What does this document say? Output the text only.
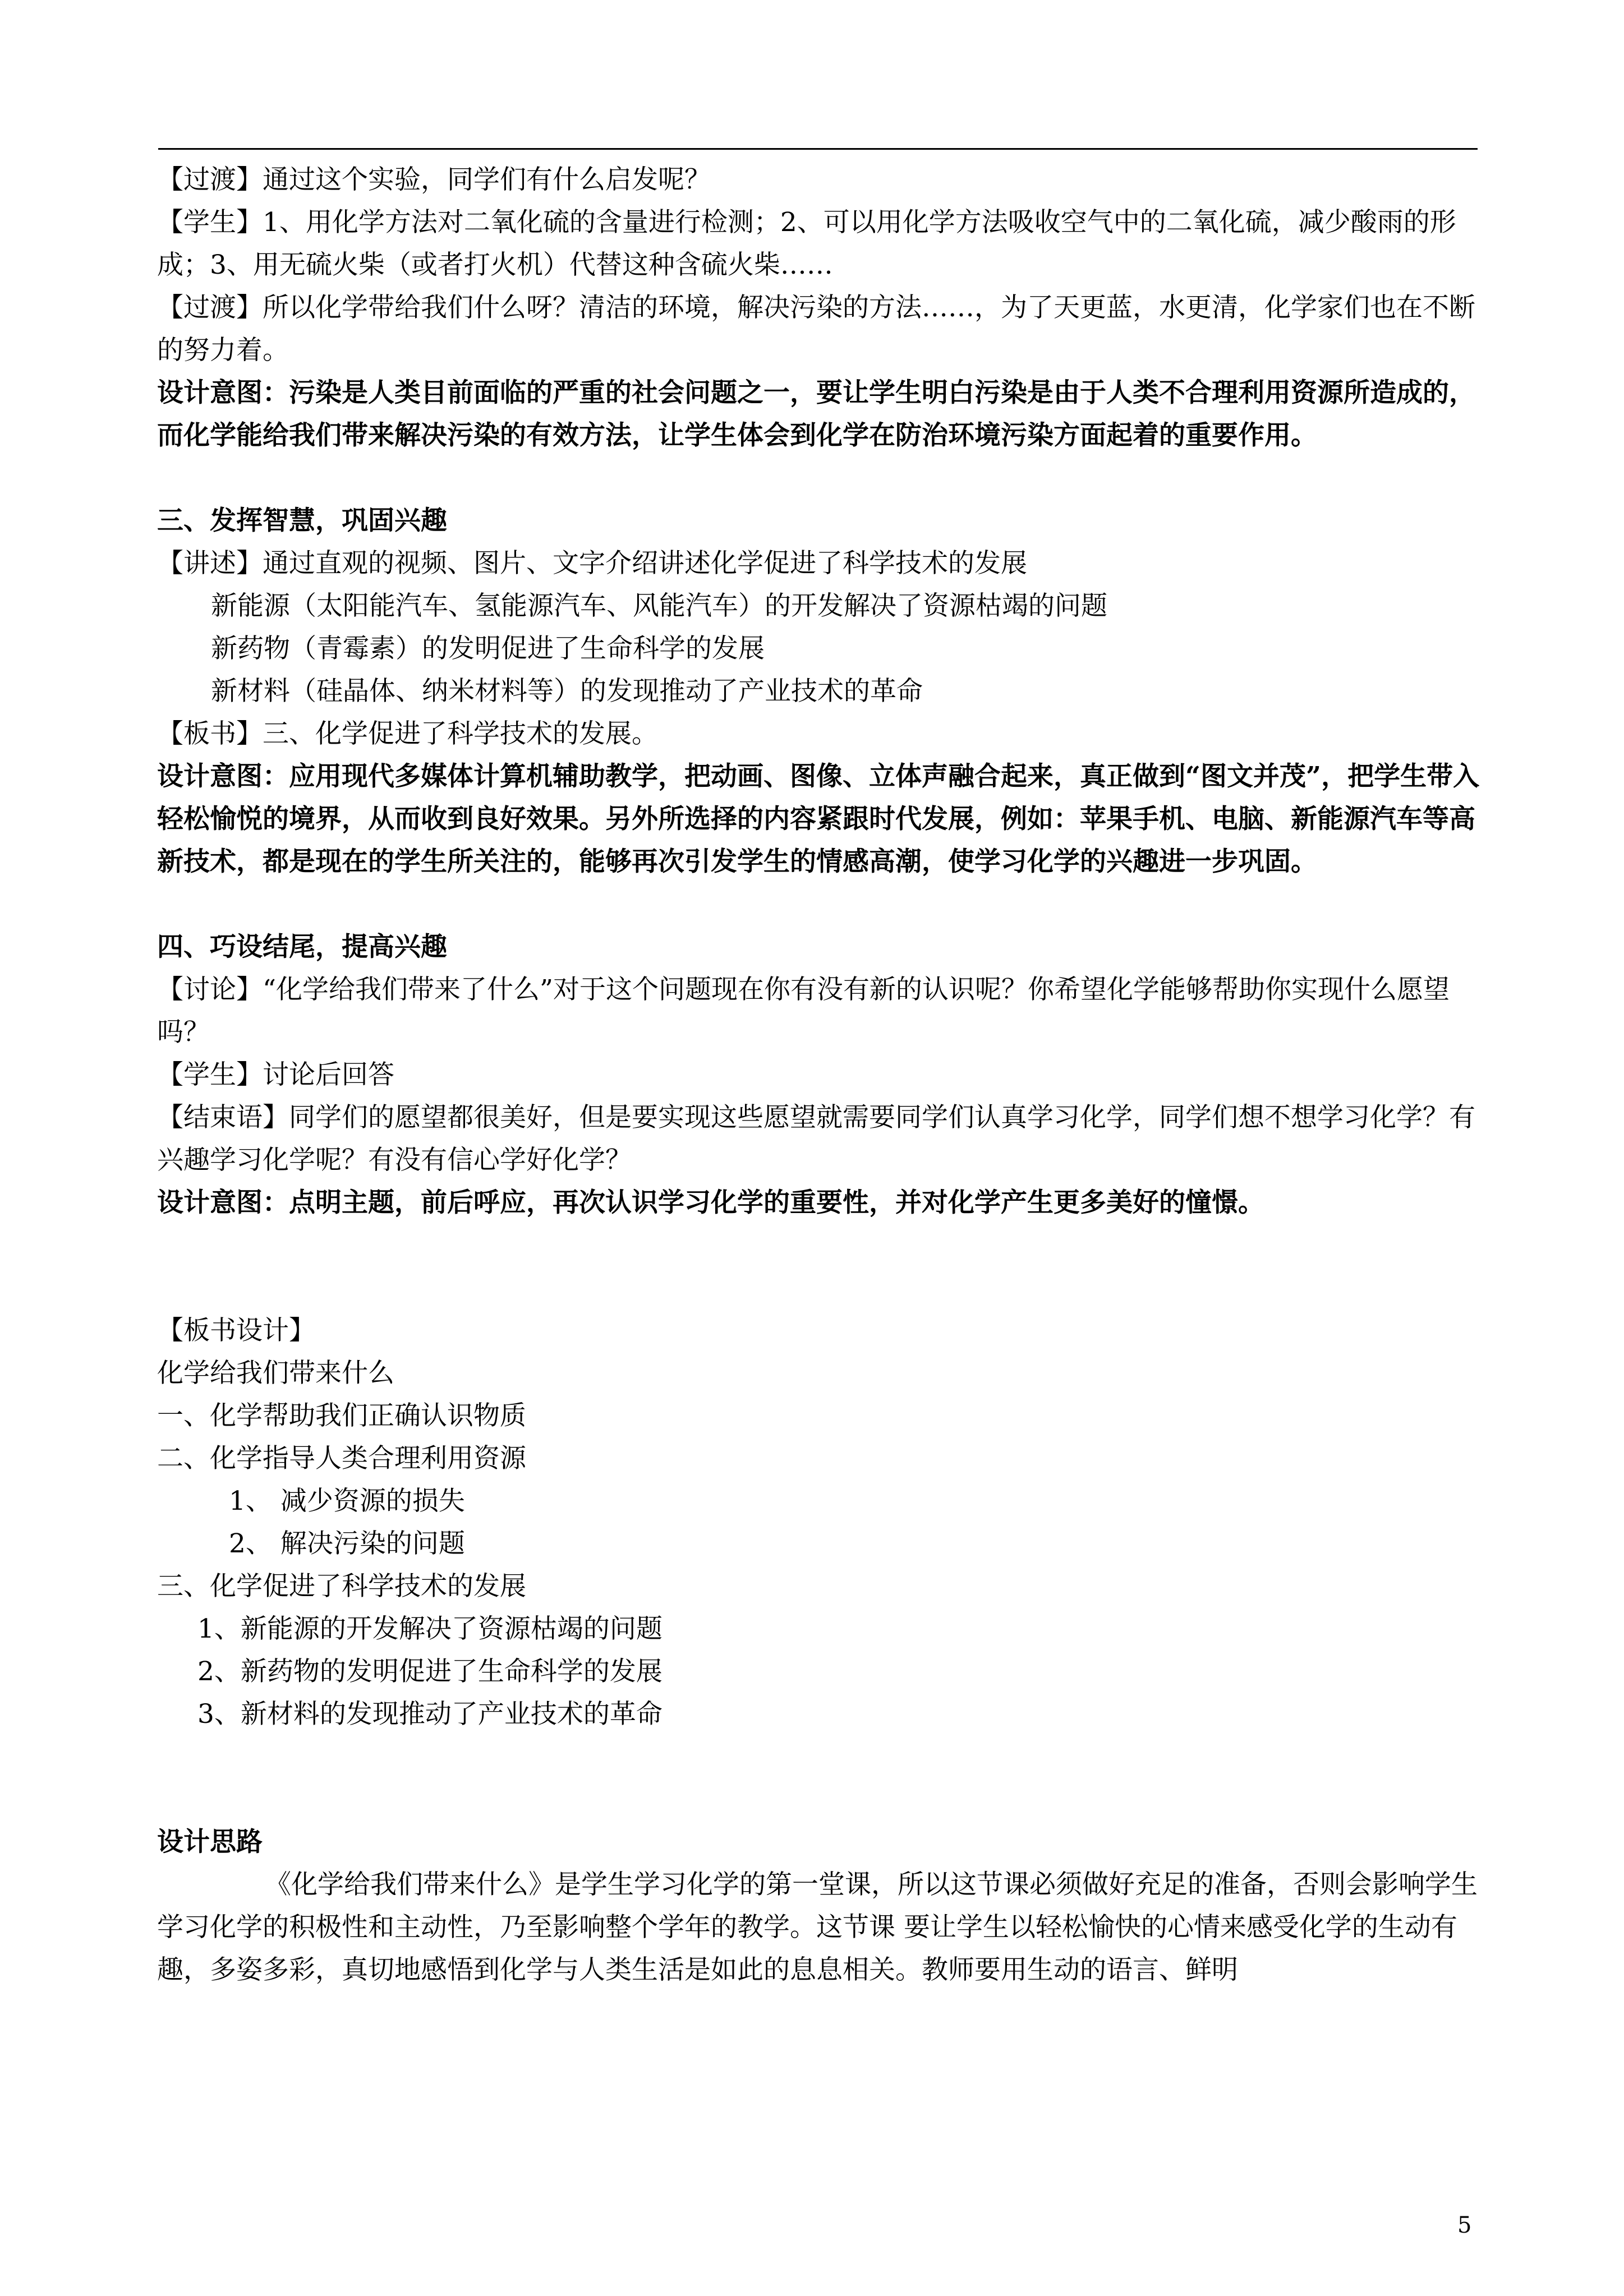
【过渡】通过这个实验，同学们有什么启发呢？

【学生】1、用化学方法对二氧化硫的含量进行检测；2、可以用化学方法吸收空气中的二氧化硫，减少酸雨的形成；3、用无硫火柴（或者打火机）代替这种含硫火柴……

【过渡】所以化学带给我们什么呀？清洁的环境，解决污染的方法……，为了天更蓝，水更清，化学家们也在不断的努力着。

设计意图：污染是人类目前面临的严重的社会问题之一，要让学生明白污染是由于人类不合理利用资源所造成的，而化学能给我们带来解决污染的有效方法，让学生体会到化学在防治环境污染方面起着的重要作用。

三、发挥智慧，巩固兴趣

【讲述】通过直观的视频、图片、文字介绍讲述化学促进了科学技术的发展

新能源（太阳能汽车、氢能源汽车、风能汽车）的开发解决了资源枯竭的问题

新药物（青霉素）的发明促进了生命科学的发展

新材料（硅晶体、纳米材料等）的发现推动了产业技术的革命

【板书】三、化学促进了科学技术的发展。

设计意图：应用现代多媒体计算机辅助教学，把动画、图像、立体声融合起来，真正做到“图文并茂”，把学生带入轻松愉悦的境界，从而收到良好效果。另外所选择的内容紧跟时代发展，例如：苹果手机、电脑、新能源汽车等高新技术，都是现在的学生所关注的，能够再次引发学生的情感高潮，使学习化学的兴趣进一步巩固。

四、巧设结尾，提高兴趣

【讨论】“化学给我们带来了什么”对于这个问题现在你有没有新的认识呢？你希望化学能够帮助你实现什么愿望吗？

【学生】讨论后回答

【结束语】同学们的愿望都很美好，但是要实现这些愿望就需要同学们认真学习化学，同学们想不想学习化学？有兴趣学习化学呢？有没有信心学好化学？

设计意图：点明主题，前后呼应，再次认识学习化学的重要性，并对化学产生更多美好的憧憬。

【板书设计】

化学给我们带来什么

一、化学帮助我们正确认识物质

二、化学指导人类合理利用资源

1、 减少资源的损失

2、 解决污染的问题

三、化学促进了科学技术的发展

1、新能源的开发解决了资源枯竭的问题

2、新药物的发明促进了生命科学的发展

3、新材料的发现推动了产业技术的革命

设计思路

《化学给我们带来什么》是学生学习化学的第一堂课，所以这节课必须做好充足的准备，否则会影响学生学习化学的积极性和主动性，乃至影响整个学年的教学。这节课 要让学生以轻松愉快的心情来感受化学的生动有趣，多姿多彩，真切地感悟到化学与人类生活是如此的息息相关。教师要用生动的语言、鲜明

5
